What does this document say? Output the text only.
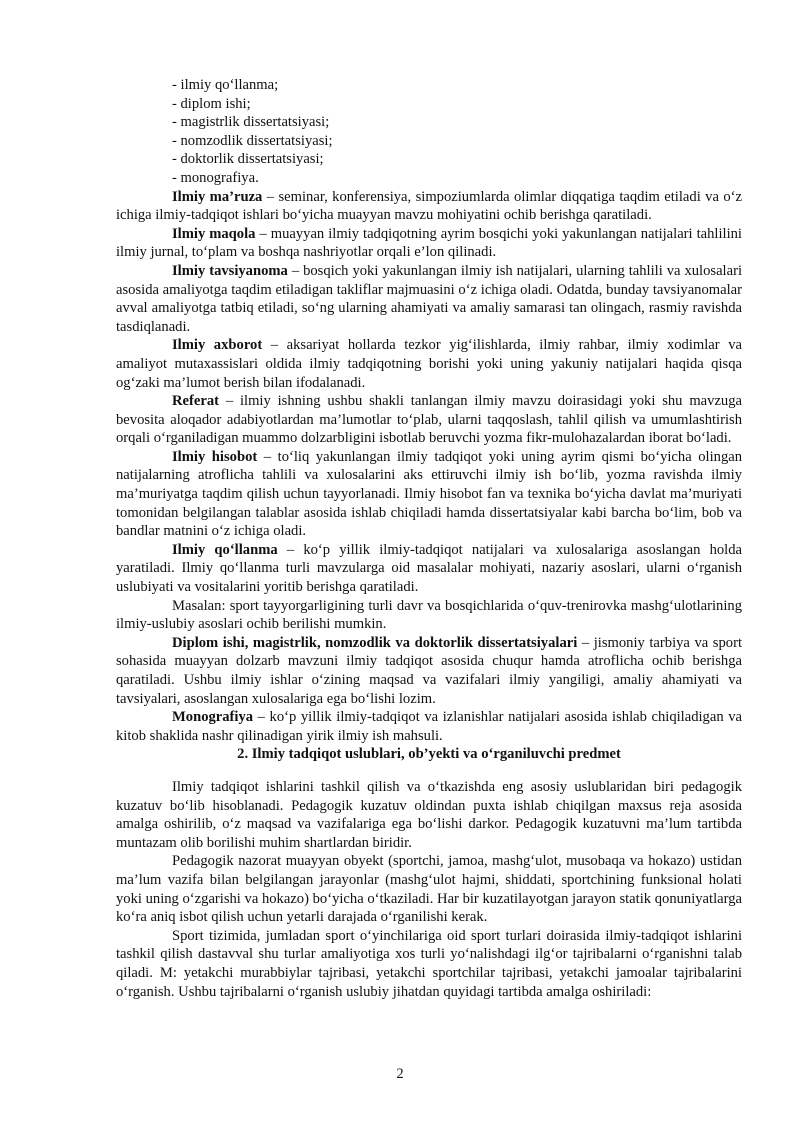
- ilmiy qo‘llanma;
- diplom ishi;
- magistrlik dissertatsiyasi;
- nomzodlik dissertatsiyasi;
- doktorlik dissertatsiyasi;
- monografiya.

Ilmiy ma’ruza – seminar, konferensiya, simpoziumlarda olimlar diqqatiga taqdim etiladi va o‘z ichiga ilmiy-tadqiqot ishlari bo‘yicha muayyan mavzu mohiyatini ochib berishga qaratiladi.

Ilmiy maqola – muayyan ilmiy tadqiqotning ayrim bosqichi yoki yakunlangan natijalari tahlilini ilmiy jurnal, to‘plam va boshqa nashriyotlar orqali e’lon qilinadi.

Ilmiy tavsiyanoma – bosqich yoki yakunlangan ilmiy ish natijalari, ularning tahlili va xulosalari asosida amaliyotga taqdim etiladigan takliflar majmuasini o‘z ichiga oladi. Odatda, bunday tavsiyanomalar avval amaliyotga tatbiq etiladi, so‘ng ularning ahamiyati va amaliy samarasi tan olingach, rasmiy ravishda tasdiqlanadi.

Ilmiy axborot – aksariyat hollarda tezkor yig‘ilishlarda, ilmiy rahbar, ilmiy xodimlar va amaliyot mutaxassislari oldida ilmiy tadqiqotning borishi yoki uning yakuniy natijalari haqida qisqa og‘zaki ma’lumot berish bilan ifodalanadi.

Referat – ilmiy ishning ushbu shakli tanlangan ilmiy mavzu doirasidagi yoki shu mavzuga bevosita aloqador adabiyotlardan ma’lumotlar to‘plab, ularni taqqoslash, tahlil qilish va umumlashtirish orqali o‘rganiladigan muammo dolzarbligini isbotlab beruvchi yozma fikr-mulohazalardan iborat bo‘ladi.

Ilmiy hisobot – to‘liq yakunlangan ilmiy tadqiqot yoki uning ayrim qismi bo‘yicha olingan natijalarning atroflicha tahlili va xulosalarini aks ettiruvchi ilmiy ish bo‘lib, yozma ravishda ilmiy ma’muriyatga taqdim qilish uchun tayyorlanadi. Ilmiy hisobot fan va texnika bo‘yicha davlat ma’muriyati tomonidan belgilangan talablar asosida ishlab chiqiladi hamda dissertatsiyalar kabi barcha bo‘lim, bob va bandlar matnini o‘z ichiga oladi.

Ilmiy qo‘llanma – ko‘p yillik ilmiy-tadqiqot natijalari va xulosalariga asoslangan holda yaratiladi. Ilmiy qo‘llanma turli mavzularga oid masalalar mohiyati, nazariy asoslari, ularni o‘rganish uslubiyati va vositalarini yoritib berishga qaratiladi.

Masalan: sport tayyorgarligining turli davr va bosqichlarida o‘quv-trenirovka mashg‘ulotlarining ilmiy-uslubiy asoslari ochib berilishi mumkin.

Diplom ishi, magistrlik, nomzodlik va doktorlik dissertatsiyalari – jismoniy tarbiya va sport sohasida muayyan dolzarb mavzuni ilmiy tadqiqot asosida chuqur hamda atroflicha ochib berishga qaratiladi. Ushbu ilmiy ishlar o‘zining maqsad va vazifalari ilmiy yangiligi, amaliy ahamiyati va tavsiyalari, asoslangan xulosalariga ega bo‘lishi lozim.

Monografiya – ko‘p yillik ilmiy-tadqiqot va izlanishlar natijalari asosida ishlab chiqiladigan va kitob shaklida nashr qilinadigan yirik ilmiy ish mahsuli.

2. Ilmiy tadqiqot uslublari, ob’yekti va o‘rganiluvchi predmet

Ilmiy tadqiqot ishlarini tashkil qilish va o‘tkazishda eng asosiy uslublaridan biri pedagogik kuzatuv bo‘lib hisoblanadi. Pedagogik kuzatuv oldindan puxta ishlab chiqilgan maxsus reja asosida amalga oshirilib, o‘z maqsad va vazifalariga ega bo‘lishi darkor. Pedagogik kuzatuvni ma’lum tartibda muntazam olib borilishi muhim shartlardan biridir.

Pedagogik nazorat muayyan obyekt (sportchi, jamoa, mashg‘ulot, musobaqa va hokazo) ustidan ma’lum vazifa bilan belgilangan jarayonlar (mashg‘ulot hajmi, shiddati, sportchining funksional holati yoki uning o‘zgarishi va hokazo) bo‘yicha o‘tkaziladi. Har bir kuzatilayotgan jarayon statik qonuniyatlarga ko‘ra aniq isbot qilish uchun yetarli darajada o‘rganilishi kerak.

Sport tizimida, jumladan sport o‘yinchilariga oid sport turlari doirasida ilmiy-tadqiqot ishlarini tashkil qilish dastavval shu turlar amaliyotiga xos turli yo‘nalishdagi ilg‘or tajribalarni o‘rganishni talab qiladi. M: yetakchi murabbiylar tajribasi, yetakchi sportchilar tajribasi, yetakchi jamoalar tajribalarini o‘rganish. Ushbu tajribalarni o‘rganish uslubiy jihatdan quyidagi tartibda amalga oshiriladi:

2
